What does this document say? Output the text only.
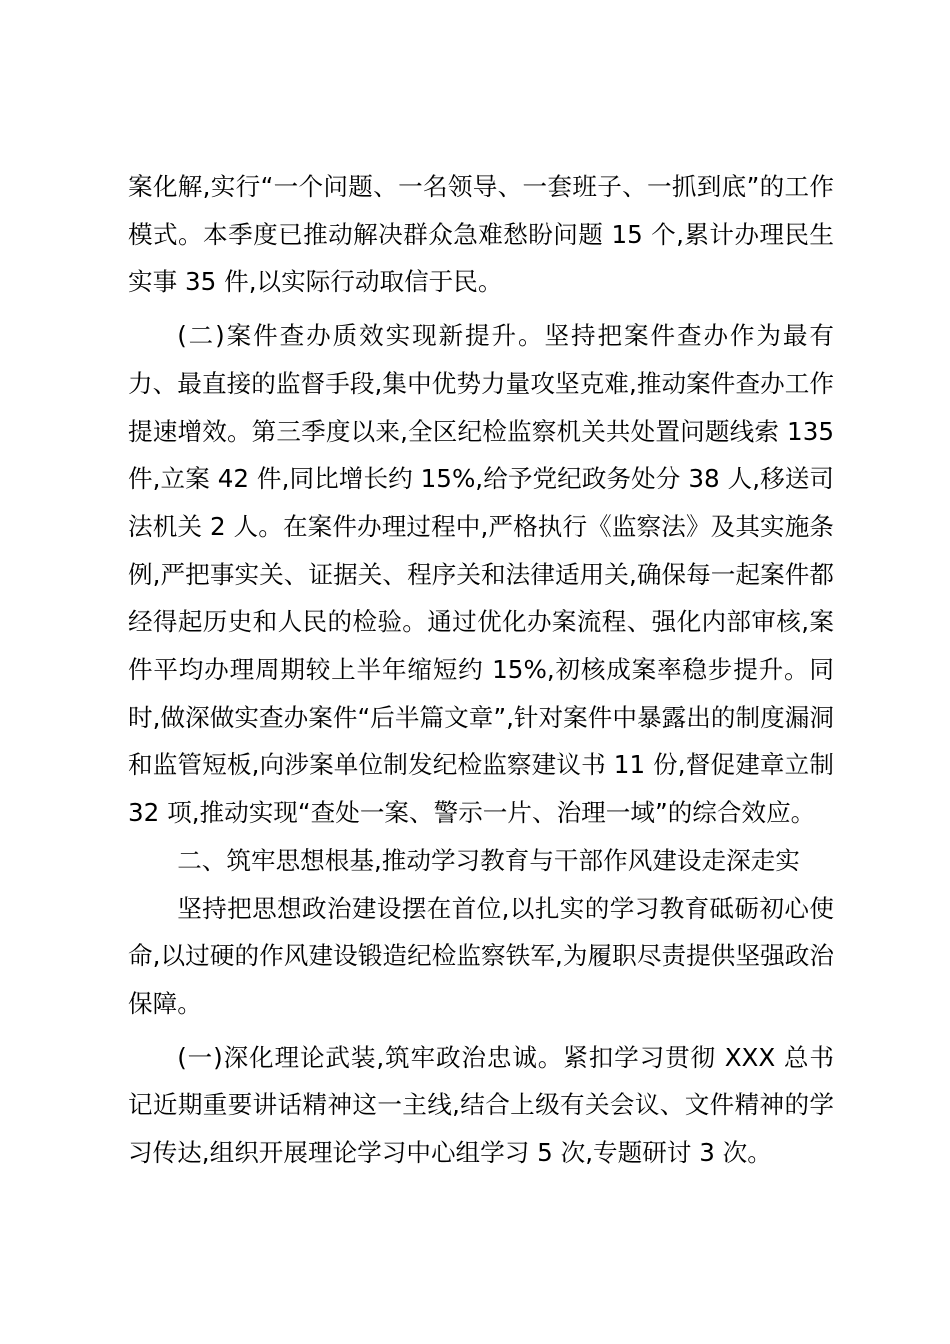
案化解,实行“一个问题、一名领导、一套班子、一抓到底”的工作模式。本季度已推动解决群众急难愁盼问题 15 个,累计办理民生实事 35 件,以实际行动取信于民。

(二)案件查办质效实现新提升。坚持把案件查办作为最有力、最直接的监督手段,集中优势力量攻坚克难,推动案件查办工作提速增效。第三季度以来,全区纪检监察机关共处置问题线索 135 件,立案 42 件,同比增长约 15%,给予党纪政务处分 38 人,移送司法机关 2 人。在案件办理过程中,严格执行《监察法》及其实施条例,严把事实关、证据关、程序关和法律适用关,确保每一起案件都经得起历史和人民的检验。通过优化办案流程、强化内部审核,案件平均办理周期较上半年缩短约 15%,初核成案率稳步提升。同时,做深做实查办案件“后半篇文章”,针对案件中暴露出的制度漏洞和监管短板,向涉案单位制发纪检监察建议书 11 份,督促建章立制 32 项,推动实现“查处一案、警示一片、治理一域”的综合效应。

二、筑牢思想根基,推动学习教育与干部作风建设走深走实

坚持把思想政治建设摆在首位,以扎实的学习教育砥砺初心使命,以过硬的作风建设锻造纪检监察铁军,为履职尽责提供坚强政治保障。

(一)深化理论武装,筑牢政治忠诚。紧扣学习贯彻 XXX 总书记近期重要讲话精神这一主线,结合上级有关会议、文件精神的学习传达,组织开展理论学习中心组学习 5 次,专题研讨 3 次。
